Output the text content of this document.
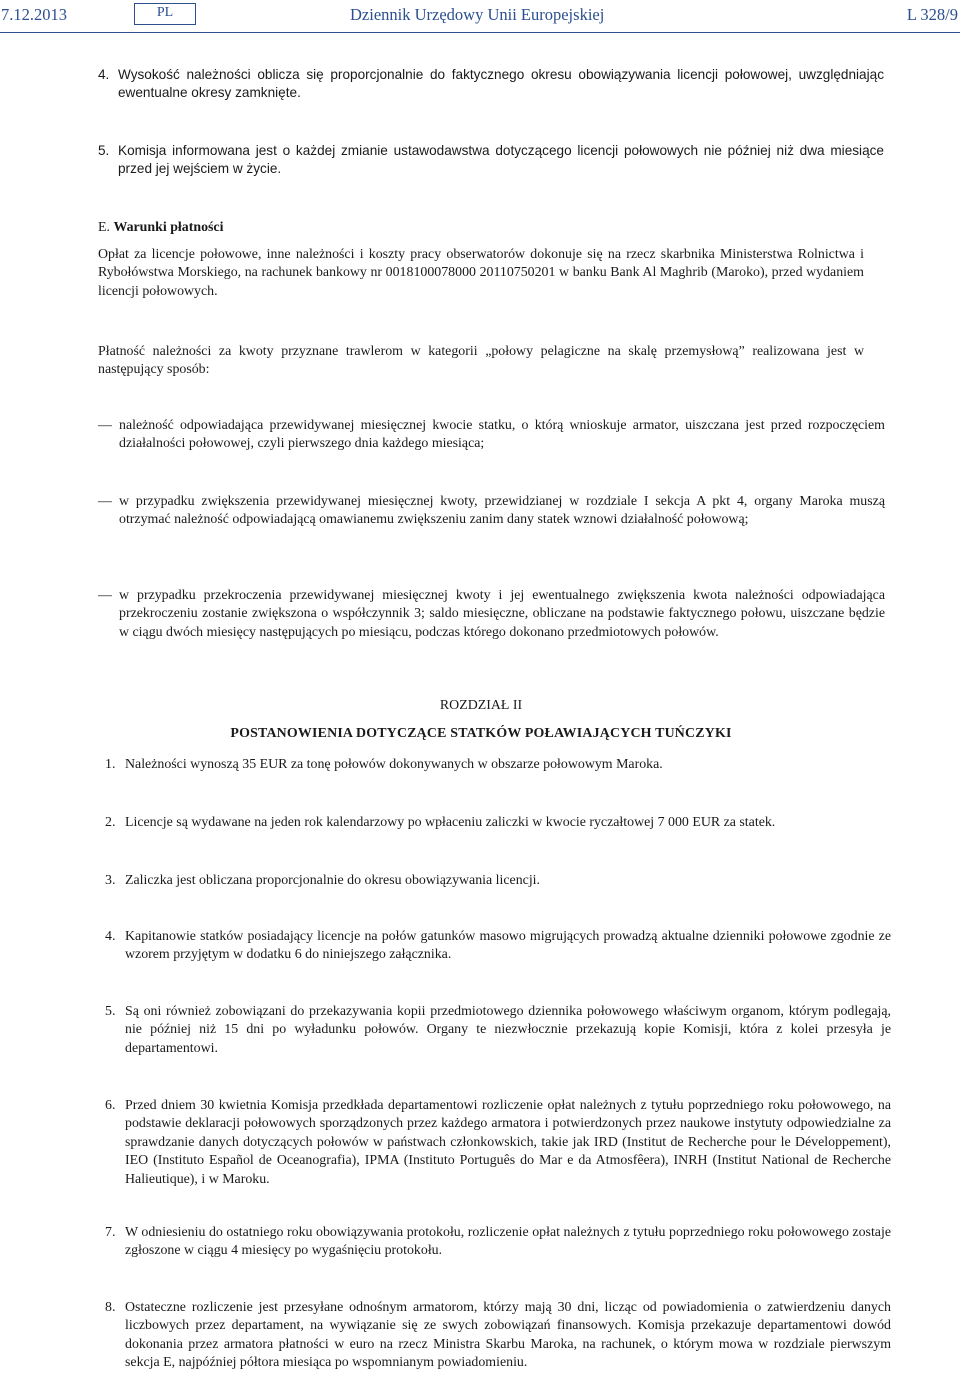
7.12.2013	PL	Dziennik Urzędowy Unii Europejskiej	L 328/9
4. Wysokość należności oblicza się proporcjonalnie do faktycznego okresu obowiązywania licencji połowowej, uwzględniając ewentualne okresy zamknięte.
5. Komisja informowana jest o każdej zmianie ustawodawstwa dotyczącego licencji połowowych nie później niż dwa miesiące przed jej wejściem w życie.
E. Warunki płatności

Opłat za licencje połowowe, inne należności i koszty pracy obserwatorów dokonuje się na rzecz skarbnika Ministerstwa Rolnictwa i Rybołówstwa Morskiego, na rachunek bankowy nr 0018100078000 20110750201 w banku Bank Al Maghrib (Maroko), przed wydaniem licencji połowowych.

Płatność należności za kwoty przyznane trawlerom w kategorii „połowy pelagiczne na skalę przemysłową” realizowana jest w następujący sposób:

— należność odpowiadająca przewidywanej miesięcznej kwocie statku, o którą wnioskuje armator, uiszczana jest przed rozpoczęciem działalności połowowej, czyli pierwszego dnia każdego miesiąca;
— w przypadku zwiększenia przewidywanej miesięcznej kwoty, przewidzianej w rozdziale I sekcja A pkt 4, organy Maroka muszą otrzymać należność odpowiadającą omawianemu zwiększeniu zanim dany statek wznowi działalność połowową;
— w przypadku przekroczenia przewidywanej miesięcznej kwoty i jej ewentualnego zwiększenia kwota należności odpowiadająca przekroczeniu zostanie zwiększona o współczynnik 3; saldo miesięczne, obliczane na podstawie faktycznego połowu, uiszczane będzie w ciągu dwóch miesięcy następujących po miesiącu, podczas którego dokonano przedmiotowych połowów.
ROZDZIAŁ II
POSTANOWIENIA DOTYCZĄCE STATKÓW POŁAWIAJĄCYCH TUŃCZYKI
1. Należności wynoszą 35 EUR za tonę połowów dokonywanych w obszarze połowowym Maroka.
2. Licencje są wydawane na jeden rok kalendarzowy po wpłaceniu zaliczki w kwocie ryczałtowej 7 000 EUR za statek.
3. Zaliczka jest obliczana proporcjonalnie do okresu obowiązywania licencji.
4. Kapitanowie statków posiadający licencje na połów gatunków masowo migrujących prowadzą aktualne dzienniki połowowe zgodnie ze wzorem przyjętym w dodatku 6 do niniejszego załącznika.
5. Są oni również zobowiązani do przekazywania kopii przedmiotowego dziennika połowowego właściwym organom, którym podlegają, nie później niż 15 dni po wyładunku połowów. Organy te niezwłocznie przekazują kopie Komisji, która z kolei przesyła je departamentowi.
6. Przed dniem 30 kwietnia Komisja przedkłada departamentowi rozliczenie opłat należnych z tytułu poprzedniego roku połowowego, na podstawie deklaracji połowowych sporządzonych przez każdego armatora i potwierdzonych przez naukowe instytuty odpowiedzialne za sprawdzanie danych dotyczących połowów w państwach członkowskich, takie jak IRD (Institut de Recherche pour le Développement), IEO (Instituto Español de Oceanografia), IPMA (Instituto Português do Mar e da Atmosfêera), INRH (Institut National de Recherche Halieutique), i w Maroku.
7. W odniesieniu do ostatniego roku obowiązywania protokołu, rozliczenie opłat należnych z tytułu poprzedniego roku połowowego zostaje zgłoszone w ciągu 4 miesięcy po wygaśnięciu protokołu.
8. Ostateczne rozliczenie jest przesyłane odnośnym armatorom, którzy mają 30 dni, licząc od powiadomienia o zatwierdzeniu danych liczbowych przez departament, na wywiązanie się ze swych zobowiązań finansowych. Komisja przekazuje departamentowi dowód dokonania przez armatora płatności w euro na rzecz Ministra Skarbu Maroka, na rachunek, o którym mowa w rozdziale pierwszym sekcja E, najpóźniej półtora miesiąca po wspomnianym powiadomieniu.
